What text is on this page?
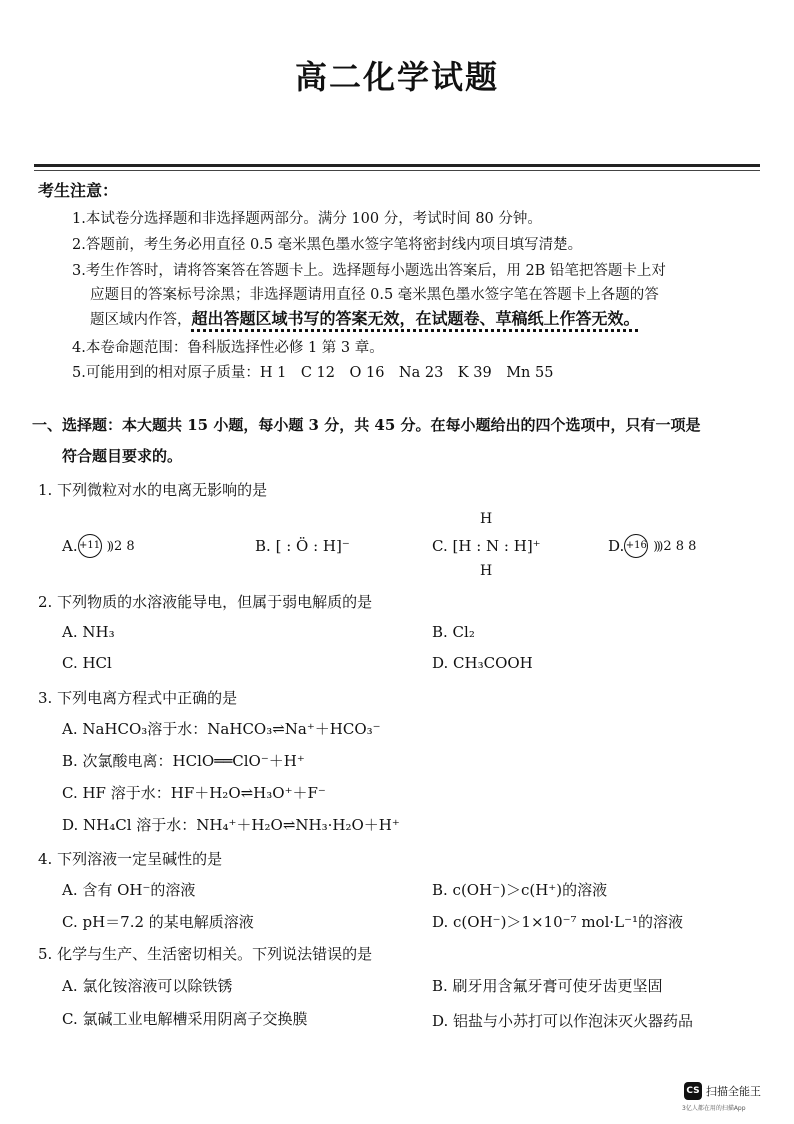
高二化学试题
考生注意：
1.本试卷分选择题和非选择题两部分。满分 100 分，考试时间 80 分钟。
2.答题前，考生务必用直径 0.5 毫米黑色墨水签字笔将密封线内项目填写清楚。
3.考生作答时，请将答案答在答题卡上。选择题每小题选出答案后，用 2B 铅笔把答题卡上对
应题目的答案标号涂黑；非选择题请用直径 0.5 毫米黑色墨水签字笔在答题卡上各题的答
题区域内作答，超出答题区域书写的答案无效，在试题卷、草稿纸上作答无效。
4.本卷命题范围：鲁科版选择性必修 1 第 3 章。
5.可能用到的相对原子质量：H 1　C 12　O 16　Na 23　K 39　Mn 55
一、选择题：本大题共 15 小题，每小题 3 分，共 45 分。在每小题给出的四个选项中，只有一项是
符合题目要求的。
1. 下列微粒对水的电离无影响的是
A. +11 )) 2 8	B. [ : Ö : H]⁻
H
C. [H : N : H]⁺
H
D. +16 ))) 2 8 8
2. 下列物质的水溶液能导电，但属于弱电解质的是
A. NH₃	B. Cl₂
C. HCl	D. CH₃COOH
3. 下列电离方程式中正确的是
A. NaHCO₃溶于水：NaHCO₃⇌Na⁺＋HCO₃⁻
B. 次氯酸电离：HClO══ClO⁻＋H⁺
C. HF 溶于水：HF＋H₂O⇌H₃O⁺＋F⁻
D. NH₄Cl 溶于水：NH₄⁺＋H₂O⇌NH₃·H₂O＋H⁺
4. 下列溶液一定呈碱性的是
A. 含有 OH⁻的溶液	B. c(OH⁻)＞c(H⁺)的溶液
C. pH＝7.2 的某电解质溶液	D. c(OH⁻)＞1×10⁻⁷ mol·L⁻¹的溶液
5. 化学与生产、生活密切相关。下列说法错误的是
A. 氯化铵溶液可以除铁锈	B. 刷牙用含氟牙膏可使牙齿更坚固
C. 氯碱工业电解槽采用阴离子交换膜	D. 铝盐与小苏打可以作泡沫灭火器药品
CS 扫描全能王
3亿人都在用的扫描App
